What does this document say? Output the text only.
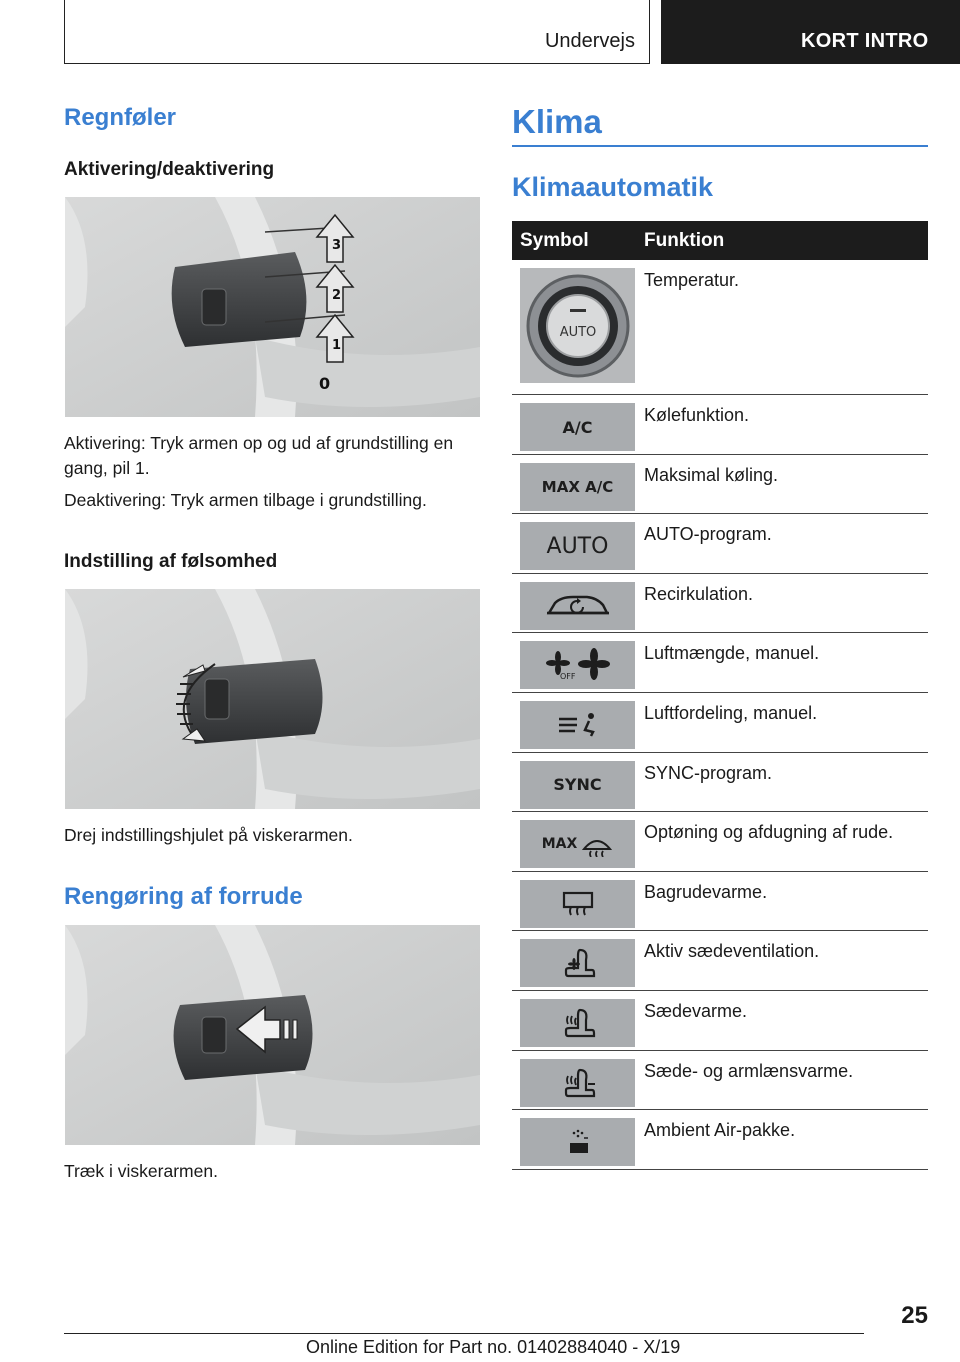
Undervejs	KORT INTRO
Regnføler
Aktivering/deaktivering
1
2
3
0
Aktivering: Tryk armen op og ud af grundstilling en gang, pil 1.
Deaktivering: Tryk armen tilbage i grundstilling.
Indstilling af følsomhed
Drej indstillingshjulet på viskerarmen.
Rengøring af forrude
Træk i viskerarmen.
Klima
Klimaautomatik
Symbol	Funktion
AUTO
Temperatur.
A/C
Kølefunktion.
MAX A/C
Maksimal køling.
AUTO AUTO-program.
Recirkulation.
OFF
Luftmængde, manuel.
Luftfordeling, manuel.
SYNC
SYNC-program.
MAX
Optøning og afdugning af rude.
Bagrudevarme.
Aktiv sædeventilation.
Sædevarme.
Sæde- og armlænsvarme.
Ambient Air-pakke.
25
Online Edition for Part no. 01402884040 - X/19
